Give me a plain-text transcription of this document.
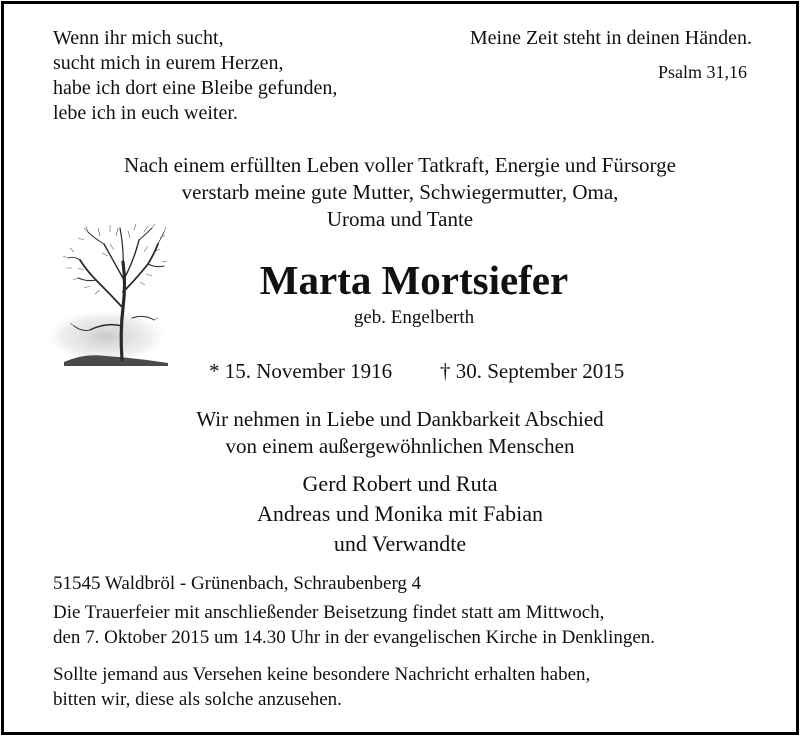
Wenn ihr mich sucht,
sucht mich in eurem Herzen,
habe ich dort eine Bleibe gefunden,
lebe ich in euch weiter.
Meine Zeit steht in deinen Händen.
Psalm 31,16
Nach einem erfüllten Leben voller Tatkraft, Energie und Fürsorge
verstarb meine gute Mutter, Schwiegermutter, Oma,
Uroma und Tante
Marta Mortsiefer
geb. Engelberth
* 15. November 1916 † 30. September 2015
Wir nehmen in Liebe und Dankbarkeit Abschied
von einem außergewöhnlichen Menschen
Gerd Robert und Ruta
Andreas und Monika mit Fabian
und Verwandte
51545 Waldbröl - Grünenbach, Schraubenberg 4
Die Trauerfeier mit anschließender Beisetzung findet statt am Mittwoch,
den 7. Oktober 2015 um 14.30 Uhr in der evangelischen Kirche in Denklingen.
Sollte jemand aus Versehen keine besondere Nachricht erhalten haben,
bitten wir, diese als solche anzusehen.
